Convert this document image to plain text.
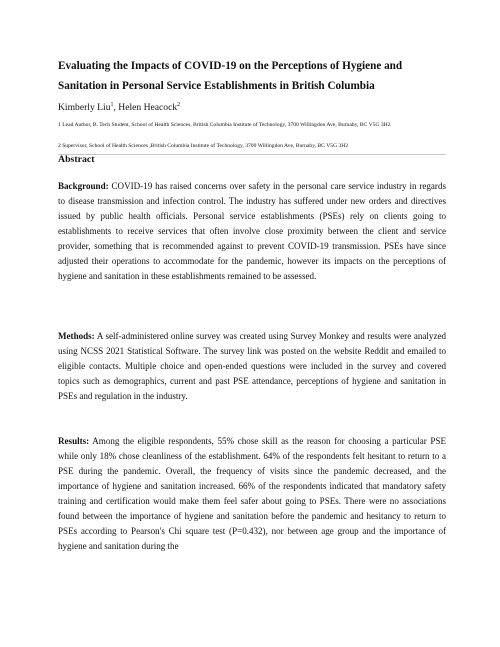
Evaluating the Impacts of COVID-19 on the Perceptions of Hygiene and Sanitation in Personal Service Establishments in British Columbia

Kimberly Liu$^1$, Helen Heacock$^2$

1 Lead Author, B. Tech Student, School of Health Sciences, British Columbia Institute of Technology, 3700 Willingdon Ave, Burnaby, BC V5G 3H2

2 Supervisor, School of Health Sciences ,British Columbia Institute of Technology, 3700 Willingdon Ave, Burnaby, BC V5G 3H2

Abstract

Background: COVID-19 has raised concerns over safety in the personal care service industry in regards to disease transmission and infection control. The industry has suffered under new orders and directives issued by public health officials. Personal service establishments (PSEs) rely on clients going to establishments to receive services that often involve close proximity between the client and service provider, something that is recommended against to prevent COVID-19 transmission. PSEs have since adjusted their operations to accommodate for the pandemic, however its impacts on the perceptions of hygiene and sanitation in these establishments remained to be assessed.

Methods: A self-administered online survey was created using Survey Monkey and results were analyzed using NCSS 2021 Statistical Software. The survey link was posted on the website Reddit and emailed to eligible contacts. Multiple choice and open-ended questions were included in the survey and covered topics such as demographics, current and past PSE attendance, perceptions of hygiene and sanitation in PSEs and regulation in the industry.

Results: Among the eligible respondents, 55% chose skill as the reason for choosing a particular PSE while only 18% chose cleanliness of the establishment. 64% of the respondents felt hesitant to return to a PSE during the pandemic. Overall, the frequency of visits since the pandemic decreased, and the importance of hygiene and sanitation increased. 66% of the respondents indicated that mandatory safety training and certification would make them feel safer about going to PSEs. There were no associations found between the importance of hygiene and sanitation before the pandemic and hesitancy to return to PSEs according to Pearson's Chi square test (P=0.432), nor between age group and the importance of hygiene and sanitation during the
